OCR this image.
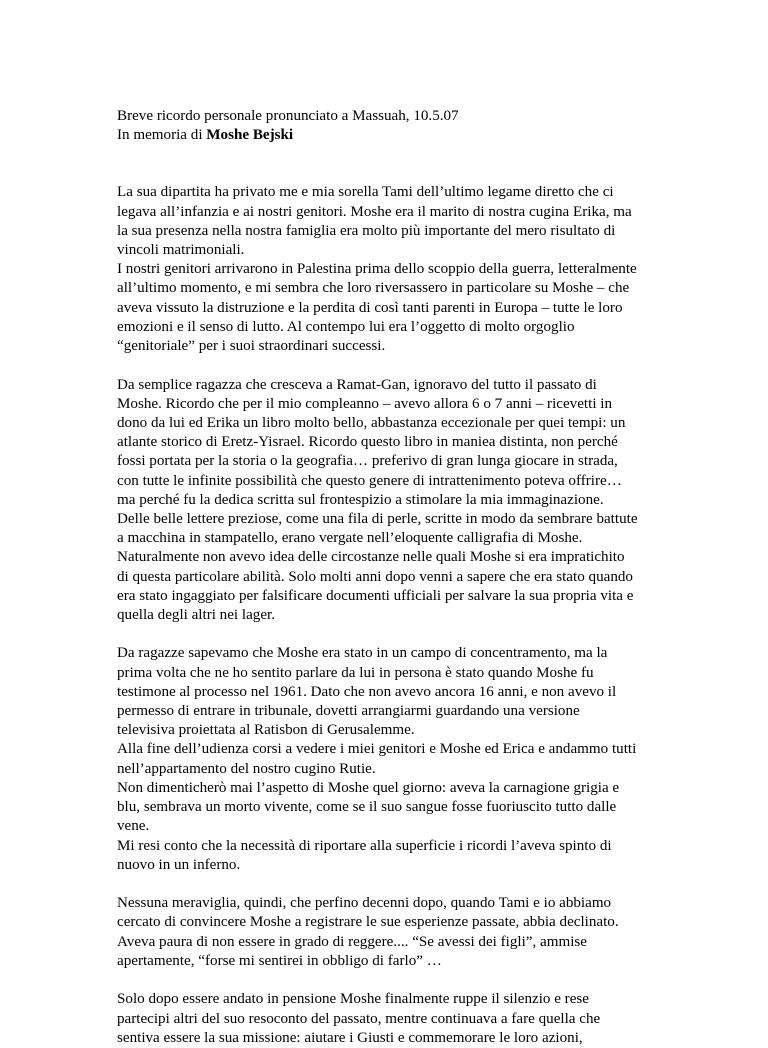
Breve ricordo personale pronunciato a Massuah, 10.5.07

In memoria di Moshe Bejski

La sua dipartita ha privato me e mia sorella Tami dell’ultimo legame diretto che ci

legava all’infanzia e ai nostri genitori. Moshe era il marito di nostra cugina Erika, ma

la sua presenza nella nostra famiglia era molto più importante del mero risultato di

vincoli matrimoniali.

I nostri genitori arrivarono in Palestina prima dello scoppio della guerra, letteralmente

all’ultimo momento, e mi sembra che loro riversassero in particolare su Moshe – che

aveva vissuto la distruzione e la perdita di così tanti parenti in Europa – tutte le loro

emozioni e il senso di lutto. Al contempo lui era l’oggetto di molto orgoglio

“genitoriale” per i suoi straordinari successi.

Da semplice ragazza che cresceva a Ramat-Gan, ignoravo del tutto il passato di

Moshe. Ricordo che per il mio compleanno – avevo allora 6 o 7 anni – ricevetti in

dono da lui ed Erika un libro molto bello, abbastanza eccezionale per quei tempi: un

atlante storico di Eretz-Yisrael. Ricordo questo libro in maniea distinta, non perché

fossi portata per la storia o la geografia… preferivo di gran lunga giocare in strada,

con tutte le infinite possibilità che questo genere di intrattenimento poteva offrire…

ma perché fu la dedica scritta sul frontespizio a stimolare la mia immaginazione.

Delle belle lettere preziose, come una fila di perle, scritte in modo da sembrare battute

a macchina in stampatello, erano vergate nell’eloquente calligrafia di Moshe.

Naturalmente non avevo idea delle circostanze nelle quali Moshe si era impratichito

di questa particolare abilità. Solo molti anni dopo venni a sapere che era stato quando

era stato ingaggiato per falsificare documenti ufficiali per salvare la sua propria vita e

quella degli altri nei lager.

Da ragazze sapevamo che Moshe era stato in un campo di concentramento, ma la

prima volta che ne ho sentito parlare da lui in persona è stato quando Moshe fu

testimone al processo nel 1961. Dato che non avevo ancora 16 anni, e non avevo il

permesso di entrare in tribunale, dovetti arrangiarmi guardando una versione

televisiva proiettata al Ratisbon di Gerusalemme.

Alla fine dell’udienza corsi a vedere i miei genitori e Moshe ed Erica e andammo tutti

nell’appartamento del nostro cugino Rutie.

Non dimenticherò mai l’aspetto di Moshe quel giorno: aveva la carnagione grigia e

blu, sembrava un morto vivente, come se il suo sangue fosse fuoriuscito tutto dalle

vene.

Mi resi conto che la necessità di riportare alla superficie i ricordi l’aveva spinto di

nuovo in un inferno.

Nessuna meraviglia, quindi, che perfino decenni dopo, quando Tami e io abbiamo

cercato di convincere Moshe a registrare le sue esperienze passate, abbia declinato.

Aveva paura di non essere in grado di reggere.... “Se avessi dei figli”, ammise

apertamente, “forse mi sentirei in obbligo di farlo” …

Solo dopo essere andato in pensione Moshe finalmente ruppe il silenzio e rese

partecipi altri del suo resoconto del passato, mentre continuava a fare quella che

sentiva essere la sua missione: aiutare i Giusti e commemorare le loro azioni,
